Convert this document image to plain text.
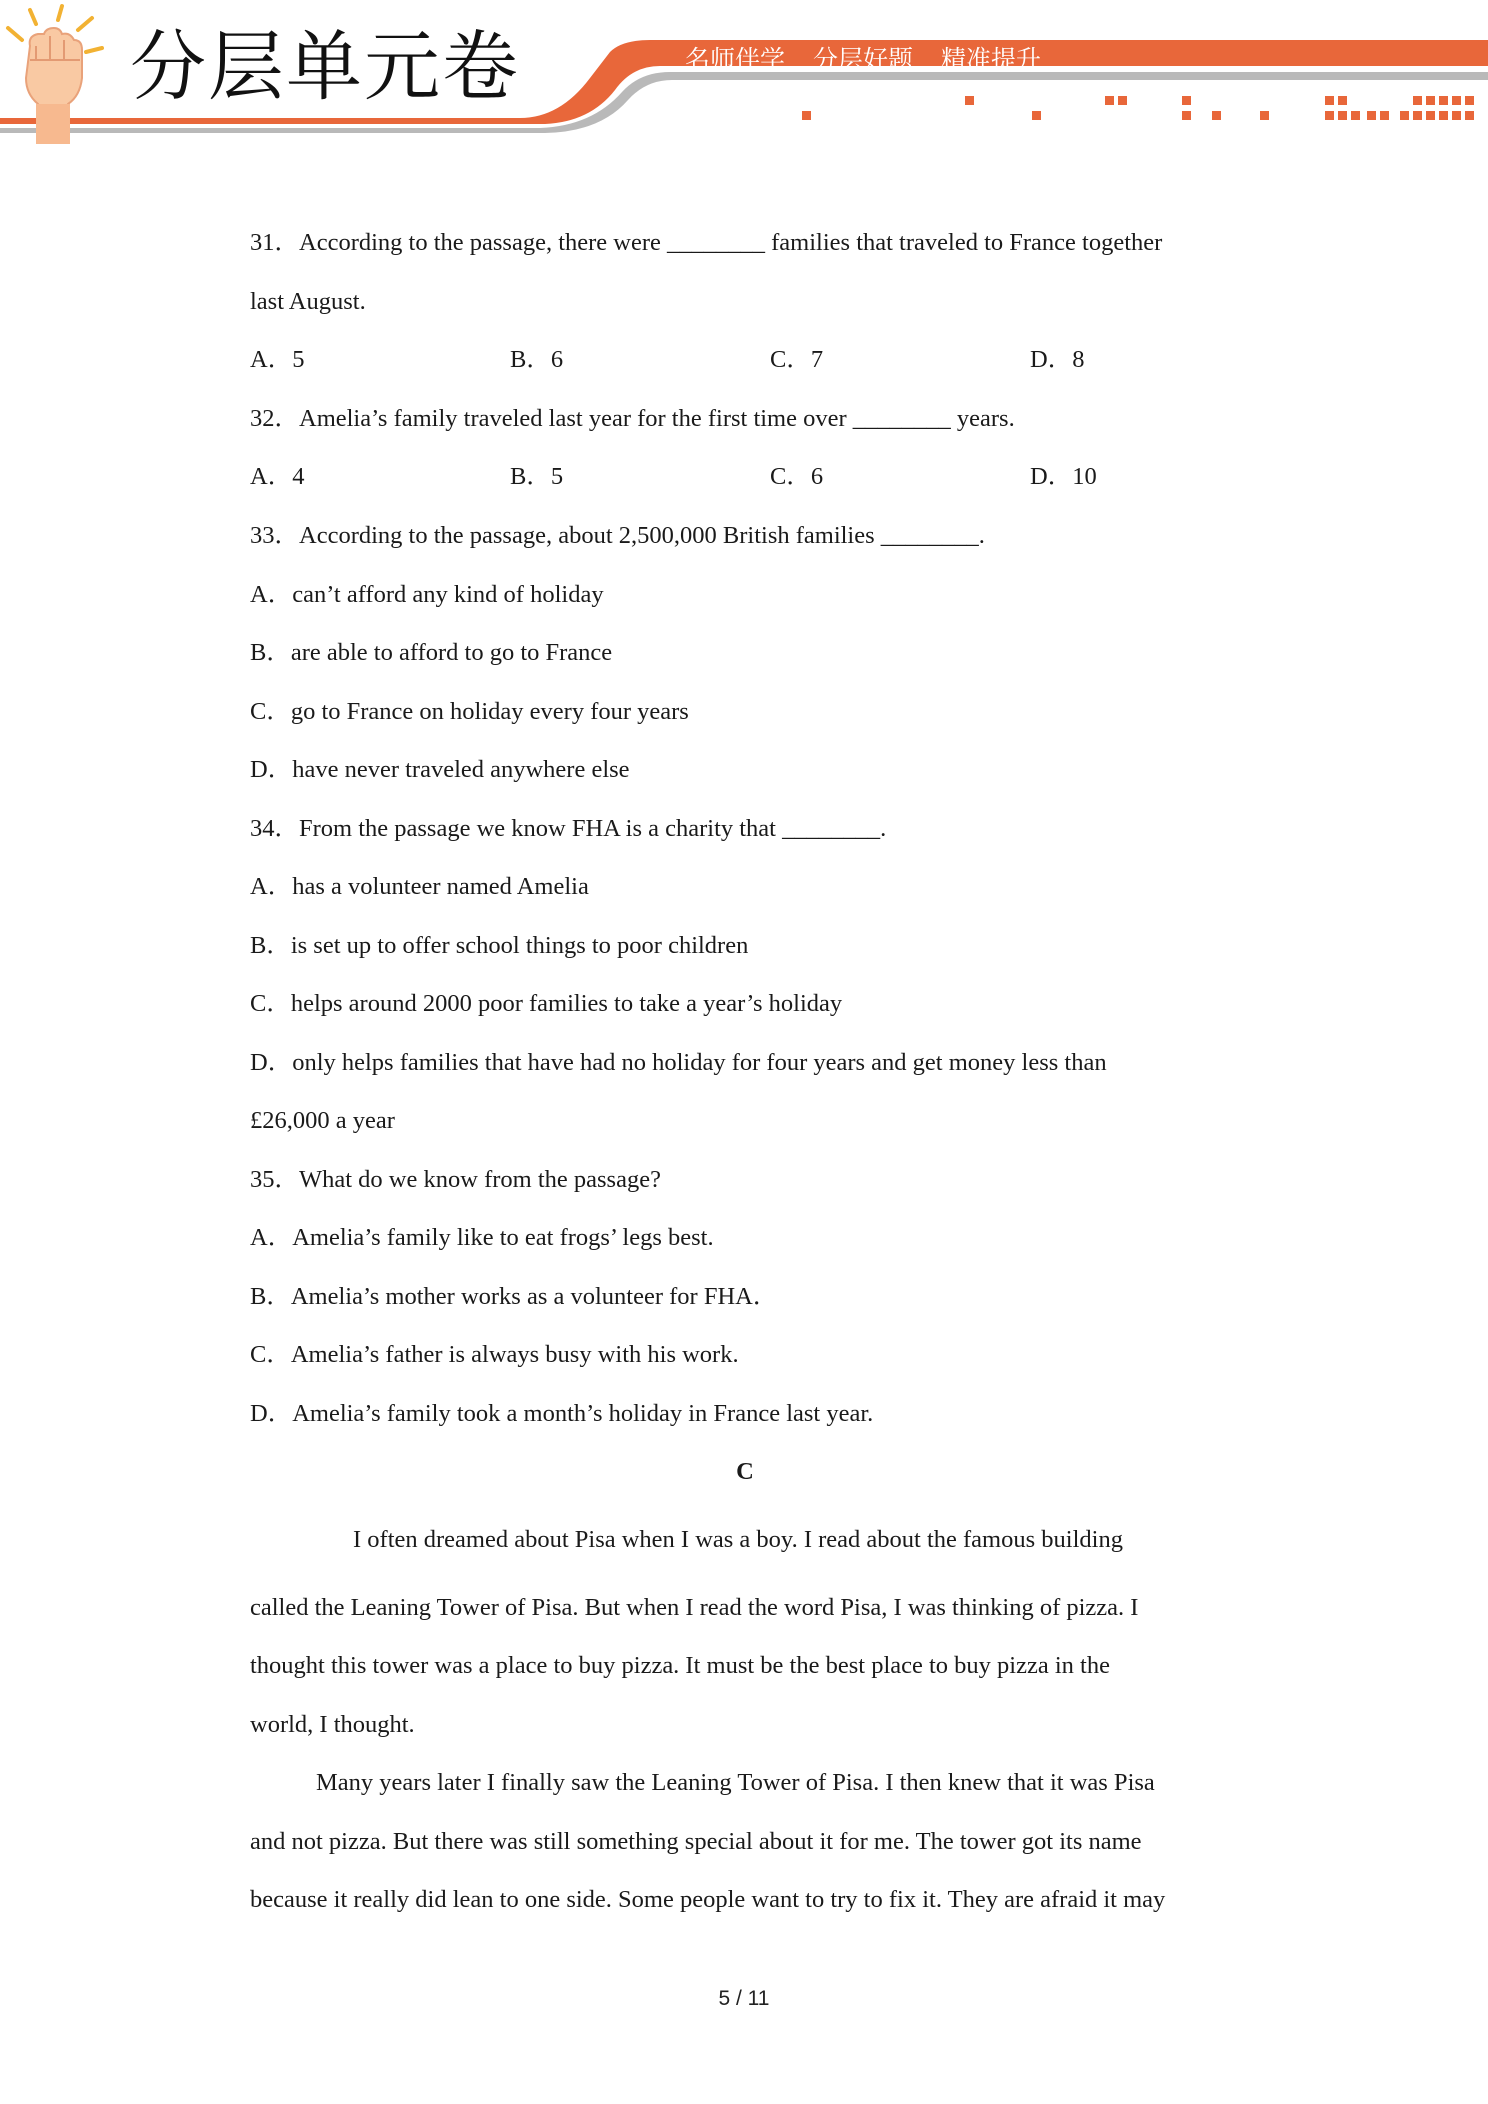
分层单元卷	名师伴学 分层好题 精准提升
31．According to the passage, there were ________ families that traveled to France together
last August.
A．5	B．6	C．7	D．8
32．Amelia’s family traveled last year for the first time over ________ years.
A．4	B．5	C．6	D．10
33．According to the passage, about 2,500,000 British families ________.
A．can’t afford any kind of holiday
B．are able to afford to go to France
C．go to France on holiday every four years
D．have never traveled anywhere else
34．From the passage we know FHA is a charity that ________.
A．has a volunteer named Amelia
B．is set up to offer school things to poor children
C．helps around 2000 poor families to take a year’s holiday
D．only helps families that have had no holiday for four years and get money less than
£26,000 a year
35．What do we know from the passage?
A．Amelia’s family like to eat frogs’ legs best.
B．Amelia’s mother works as a volunteer for FHA．
C．Amelia’s father is always busy with his work.
D．Amelia’s family took a month’s holiday in France last year.
C
I often dreamed about Pisa when I was a boy. I read about the famous building
called the Leaning Tower of Pisa. But when I read the word Pisa, I was thinking of pizza. I
thought this tower was a place to buy pizza. It must be the best place to buy pizza in the
world, I thought.
Many years later I finally saw the Leaning Tower of Pisa. I then knew that it was Pisa
and not pizza. But there was still something special about it for me. The tower got its name
because it really did lean to one side. Some people want to try to fix it. They are afraid it may
5 / 11
